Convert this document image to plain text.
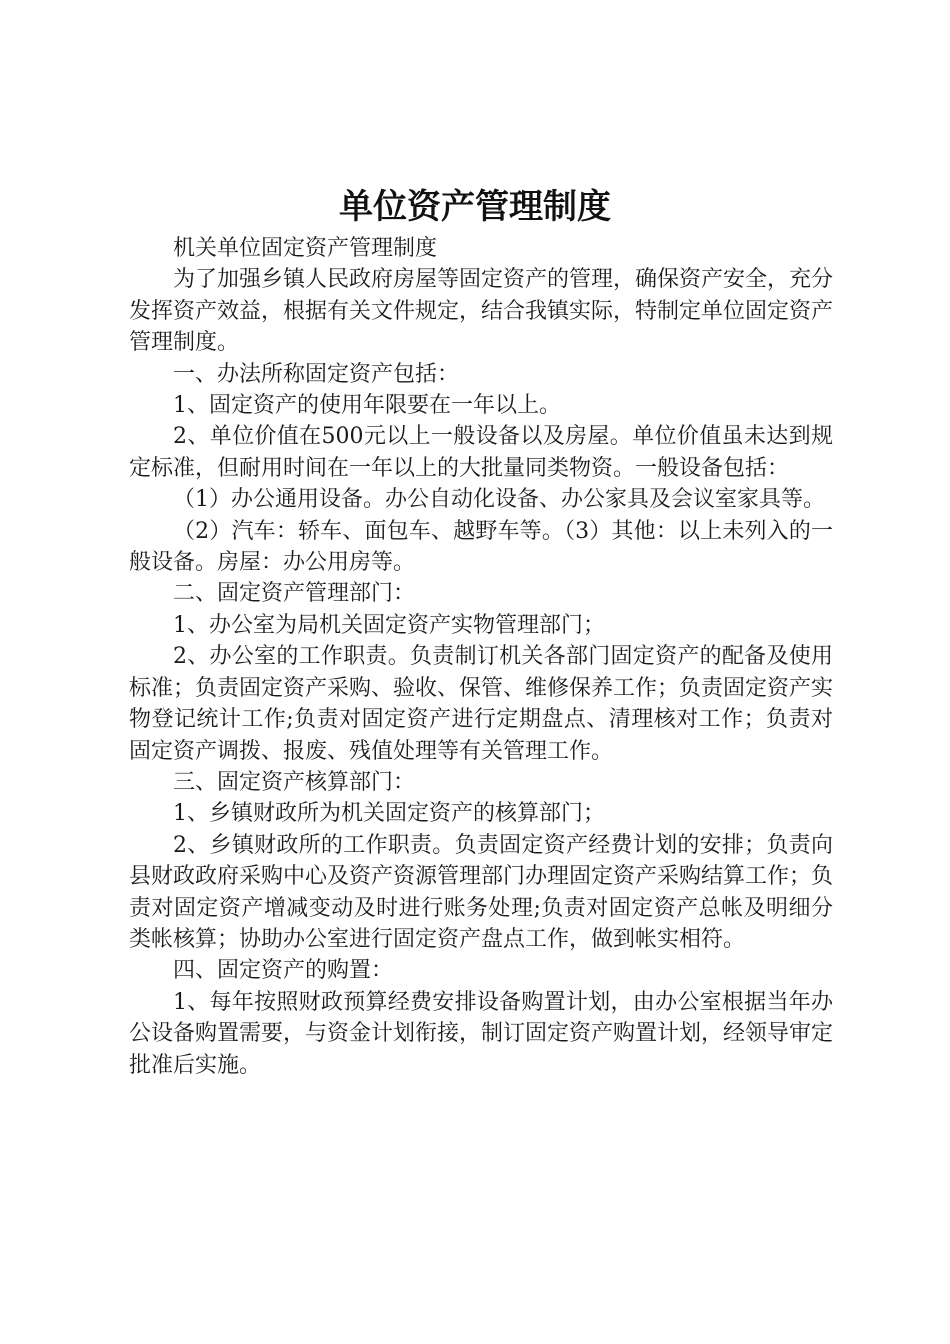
单位资产管理制度

机关单位固定资产管理制度

为了加强乡镇人民政府房屋等固定资产的管理，确保资产安全，充分发挥资产效益，根据有关文件规定，结合我镇实际，特制定单位固定资产管理制度。

一、办法所称固定资产包括：

1、固定资产的使用年限要在一年以上。

2、单位价值在500元以上一般设备以及房屋。单位价值虽未达到规定标准，但耐用时间在一年以上的大批量同类物资。一般设备包括：

（1）办公通用设备。办公自动化设备、办公家具及会议室家具等。

（2）汽车：轿车、面包车、越野车等。（3）其他：以上未列入的一般设备。房屋：办公用房等。

二、固定资产管理部门：

1、办公室为局机关固定资产实物管理部门；

2、办公室的工作职责。负责制订机关各部门固定资产的配备及使用标准；负责固定资产采购、验收、保管、维修保养工作；负责固定资产实物登记统计工作;负责对固定资产进行定期盘点、清理核对工作；负责对固定资产调拨、报废、残值处理等有关管理工作。

三、固定资产核算部门：

1、乡镇财政所为机关固定资产的核算部门；

2、乡镇财政所的工作职责。负责固定资产经费计划的安排；负责向县财政政府采购中心及资产资源管理部门办理固定资产采购结算工作；负责对固定资产增减变动及时进行账务处理;负责对固定资产总帐及明细分类帐核算；协助办公室进行固定资产盘点工作，做到帐实相符。

四、固定资产的购置：

1、每年按照财政预算经费安排设备购置计划，由办公室根据当年办公设备购置需要，与资金计划衔接，制订固定资产购置计划，经领导审定批准后实施。
